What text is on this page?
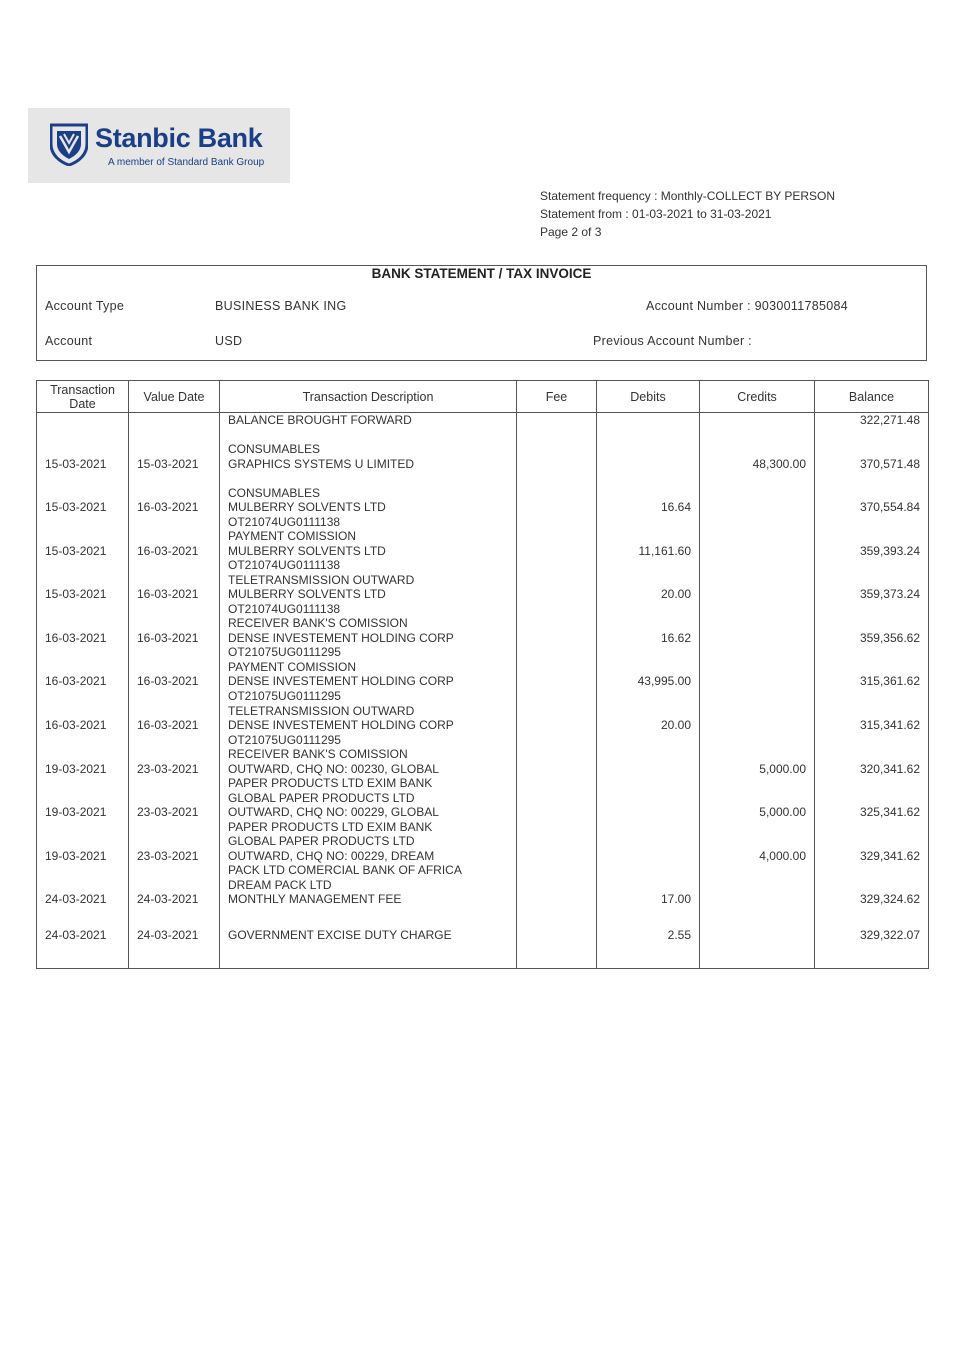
Stanbic Bank
A member of Standard Bank Group
Statement frequency : Monthly-COLLECT BY PERSON
Statement from : 01-03-2021 to 31-03-2021
Page 2 of 3
BANK STATEMENT / TAX INVOICE
Account Type	BUSINESS BANK ING	Account Number : 9030011785084
Account	USD	Previous Account Number :
Transaction Date	Value Date	Transaction Description	Fee	Debits	Credits	Balance
		BALANCE BROUGHT FORWARD				322,271.48

15-03-2021	15-03-2021	CONSUMABLES
GRAPHICS SYSTEMS U LIMITED			48,300.00	370,571.48

15-03-2021	16-03-2021	CONSUMABLES
MULBERRY SOLVENTS LTD
OT21074UG0111138		16.64		370,554.84

15-03-2021	16-03-2021	PAYMENT COMISSION
MULBERRY SOLVENTS LTD
OT21074UG0111138		11,161.60		359,393.24

15-03-2021	16-03-2021	TELETRANSMISSION OUTWARD
MULBERRY SOLVENTS LTD
OT21074UG0111138		20.00		359,373.24

16-03-2021	16-03-2021	RECEIVER BANK'S COMISSION
DENSE INVESTEMENT HOLDING CORP
OT21075UG0111295		16.62		359,356.62

16-03-2021	16-03-2021	PAYMENT COMISSION
DENSE INVESTEMENT HOLDING CORP
OT21075UG0111295		43,995.00		315,361.62

16-03-2021	16-03-2021	TELETRANSMISSION OUTWARD
DENSE INVESTEMENT HOLDING CORP
OT21075UG0111295		20.00		315,341.62

19-03-2021	23-03-2021	RECEIVER BANK'S COMISSION
OUTWARD, CHQ NO: 00230, GLOBAL
PAPER PRODUCTS LTD EXIM BANK			5,000.00	320,341.62

19-03-2021	23-03-2021	GLOBAL PAPER PRODUCTS LTD
OUTWARD, CHQ NO: 00229, GLOBAL
PAPER PRODUCTS LTD EXIM BANK			5,000.00	325,341.62

19-03-2021	23-03-2021	GLOBAL PAPER PRODUCTS LTD
OUTWARD, CHQ NO: 00229, DREAM
PACK LTD COMERCIAL BANK OF AFRICA			4,000.00	329,341.62

24-03-2021	24-03-2021	DREAM PACK LTD
MONTHLY MANAGEMENT FEE		17.00		329,324.62

24-03-2021	24-03-2021	GOVERNMENT EXCISE DUTY CHARGE		2.55		329,322.07
